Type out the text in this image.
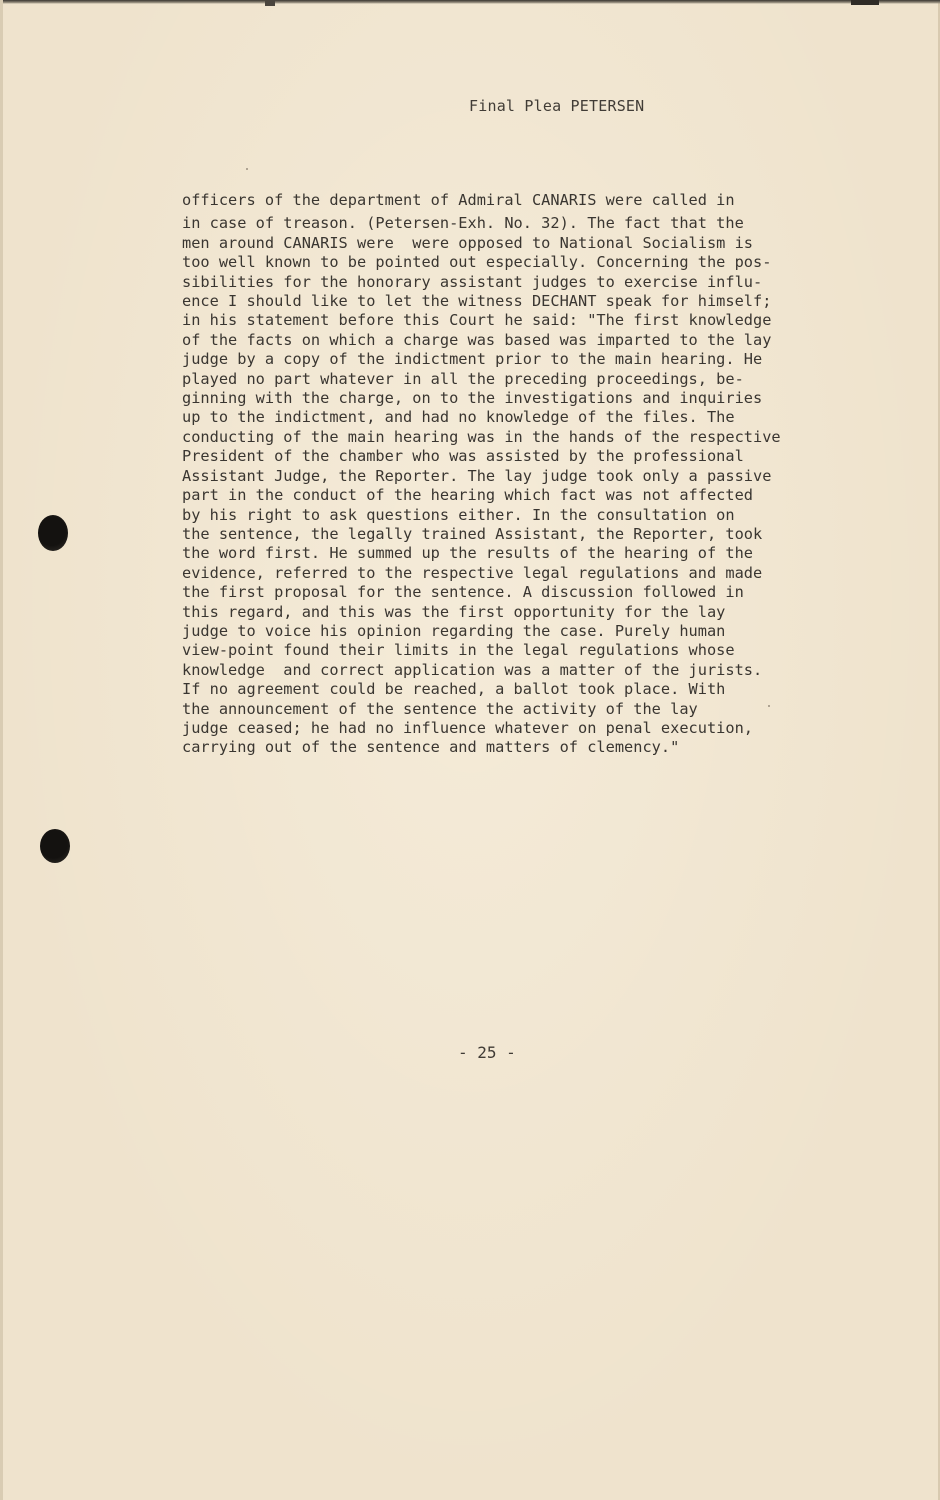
Final Plea PETERSEN
officers of the department of Admiral CANARIS were called in
in case of treason. (Petersen-Exh. No. 32). The fact that the
men around CANARIS were  were opposed to National Socialism is
too well known to be pointed out especially. Concerning the pos-
sibilities for the honorary assistant judges to exercise influ-
ence I should like to let the witness DECHANT speak for himself;
in his statement before this Court he said: "The first knowledge
of the facts on which a charge was based was imparted to the lay
judge by a copy of the indictment prior to the main hearing. He
played no part whatever in all the preceding proceedings, be-
ginning with the charge, on to the investigations and inquiries
up to the indictment, and had no knowledge of the files. The
conducting of the main hearing was in the hands of the respective
President of the chamber who was assisted by the professional
Assistant Judge, the Reporter. The lay judge took only a passive
part in the conduct of the hearing which fact was not affected
by his right to ask questions either. In the consultation on
the sentence, the legally trained Assistant, the Reporter, took
the word first. He summed up the results of the hearing of the
evidence, referred to the respective legal regulations and made
the first proposal for the sentence. A discussion followed in
this regard, and this was the first opportunity for the lay
judge to voice his opinion regarding the case. Purely human
view-point found their limits in the legal regulations whose
knowledge  and correct application was a matter of the jurists.
If no agreement could be reached, a ballot took place. With
the announcement of the sentence the activity of the lay
judge ceased; he had no influence whatever on penal execution,
carrying out of the sentence and matters of clemency."
- 25 -
